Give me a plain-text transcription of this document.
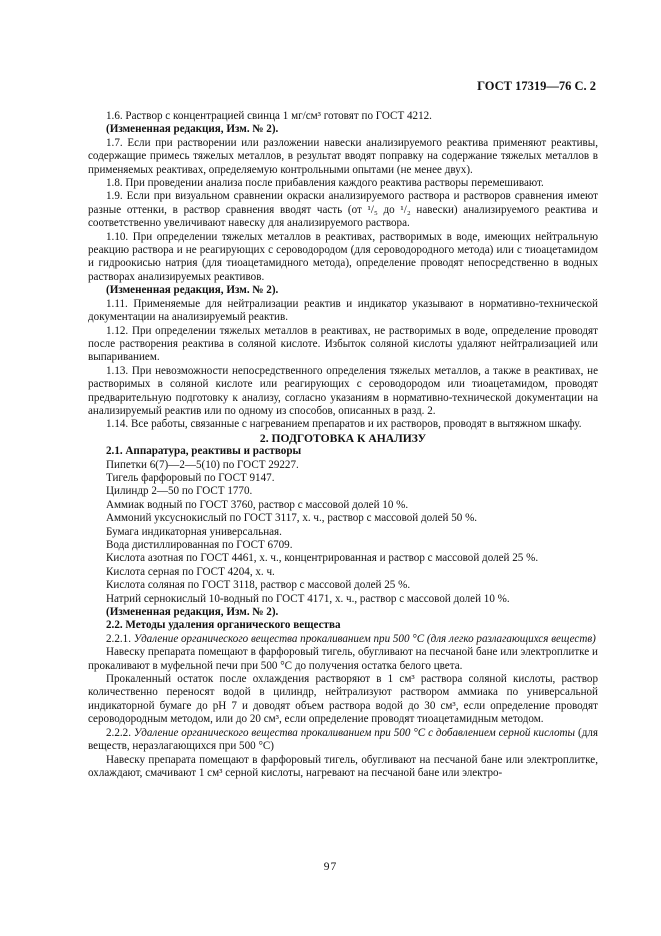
ГОСТ 17319—76 С. 2

1.6. Раствор с концентрацией свинца 1 мг/см³ готовят по ГОСТ 4212.

(Измененная редакция, Изм. № 2).

1.7. Если при растворении или разложении навески анализируемого реактива применяют реактивы, содержащие примесь тяжелых металлов, в результат вводят поправку на содержание тяжелых металлов в применяемых реактивах, определяемую контрольными опытами (не менее двух).

1.8. При проведении анализа после прибавления каждого реактива растворы перемешивают.

1.9. Если при визуальном сравнении окраски анализируемого раствора и растворов сравнения имеют разные оттенки, в раствор сравнения вводят часть (от ¹/₅ до ¹/₂ навески) анализируемого реактива и соответственно увеличивают навеску для анализируемого раствора.

1.10. При определении тяжелых металлов в реактивах, растворимых в воде, имеющих нейтральную реакцию раствора и не реагирующих с сероводородом (для сероводородного метода) или с тиоацетамидом и гидроокисью натрия (для тиоацетамидного метода), определение проводят непосредственно в водных растворах анализируемых реактивов.

(Измененная редакция, Изм. № 2).

1.11. Применяемые для нейтрализации реактив и индикатор указывают в нормативно-технической документации на анализируемый реактив.

1.12. При определении тяжелых металлов в реактивах, не растворимых в воде, определение проводят после растворения реактива в соляной кислоте. Избыток соляной кислоты удаляют нейтрализацией или выпариванием.

1.13. При невозможности непосредственного определения тяжелых металлов, а также в реактивах, не растворимых в соляной кислоте или реагирующих с сероводородом или тиоацетамидом, проводят предварительную подготовку к анализу, согласно указаниям в нормативно-технической документации на анализируемый реактив или по одному из способов, описанных в разд. 2.

1.14. Все работы, связанные с нагреванием препаратов и их растворов, проводят в вытяжном шкафу.

2. ПОДГОТОВКА К АНАЛИЗУ

2.1. Аппаратура, реактивы и растворы

Пипетки 6(7)—2—5(10) по ГОСТ 29227.

Тигель фарфоровый по ГОСТ 9147.

Цилиндр 2—50 по ГОСТ 1770.

Аммиак водный по ГОСТ 3760, раствор с массовой долей 10 %.

Аммоний уксуснокислый по ГОСТ 3117, х. ч., раствор с массовой долей 50 %.

Бумага индикаторная универсальная.

Вода дистиллированная по ГОСТ 6709.

Кислота азотная по ГОСТ 4461, х. ч., концентрированная и раствор с массовой долей 25 %.

Кислота серная по ГОСТ 4204, х. ч.

Кислота соляная по ГОСТ 3118, раствор с массовой долей 25 %.

Натрий сернокислый 10-водный по ГОСТ 4171, х. ч., раствор с массовой долей 10 %.

(Измененная редакция, Изм. № 2).

2.2. Методы удаления органического вещества

2.2.1. Удаление органического вещества прокаливанием при 500 °С (для легко разлагающихся веществ)

Навеску препарата помещают в фарфоровый тигель, обугливают на песчаной бане или электроплитке и прокаливают в муфельной печи при 500 °С до получения остатка белого цвета.

Прокаленный остаток после охлаждения растворяют в 1 см³ раствора соляной кислоты, раствор количественно переносят водой в цилиндр, нейтрализуют раствором аммиака по универсальной индикаторной бумаге до pH 7 и доводят объем раствора водой до 30 см³, если определение проводят сероводородным методом, или до 20 см³, если определение проводят тиоацетамидным методом.

2.2.2. Удаление органического вещества прокаливанием при 500 °С с добавлением серной кислоты (для веществ, неразлагающихся при 500 °С)

Навеску препарата помещают в фарфоровый тигель, обугливают на песчаной бане или электроплитке, охлаждают, смачивают 1 см³ серной кислоты, нагревают на песчаной бане или электро-

97
